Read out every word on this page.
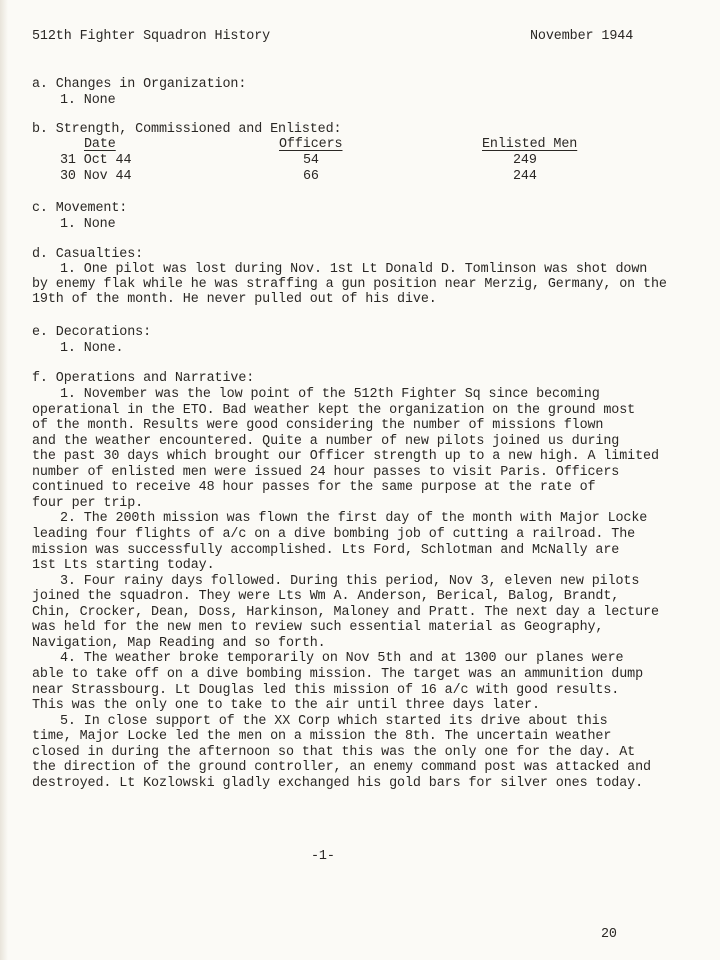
512th Fighter Squadron History	November 1944
a. Changes in Organization:
1. None
b. Strength, Commissioned and Enlisted:
Date	Officers	Enlisted Men
31 Oct 44	54	249
30 Nov 44	66	244
c. Movement:
1. None
d. Casualties:
1. One pilot was lost during Nov. 1st Lt Donald D. Tomlinson was shot down
by enemy flak while he was straffing a gun position near Merzig, Germany, on the
19th of the month. He never pulled out of his dive.
e. Decorations:
1. None.
f. Operations and Narrative:
1. November was the low point of the 512th Fighter Sq since becoming
operational in the ETO. Bad weather kept the organization on the ground most
of the month. Results were good considering the number of missions flown
and the weather encountered. Quite a number of new pilots joined us during
the past 30 days which brought our Officer strength up to a new high. A limited
number of enlisted men were issued 24 hour passes to visit Paris. Officers
continued to receive 48 hour passes for the same purpose at the rate of
four per trip.
2. The 200th mission was flown the first day of the month with Major Locke
leading four flights of a/c on a dive bombing job of cutting a railroad. The
mission was successfully accomplished. Lts Ford, Schlotman and McNally are
1st Lts starting today.
3. Four rainy days followed. During this period, Nov 3, eleven new pilots
joined the squadron. They were Lts Wm A. Anderson, Berical, Balog, Brandt,
Chin, Crocker, Dean, Doss, Harkinson, Maloney and Pratt. The next day a lecture
was held for the new men to review such essential material as Geography,
Navigation, Map Reading and so forth.
4. The weather broke temporarily on Nov 5th and at 1300 our planes were
able to take off on a dive bombing mission. The target was an ammunition dump
near Strassbourg. Lt Douglas led this mission of 16 a/c with good results.
This was the only one to take to the air until three days later.
5. In close support of the XX Corp which started its drive about this
time, Major Locke led the men on a mission the 8th. The uncertain weather
closed in during the afternoon so that this was the only one for the day. At
the direction of the ground controller, an enemy command post was attacked and
destroyed. Lt Kozlowski gladly exchanged his gold bars for silver ones today.
-1-
20
